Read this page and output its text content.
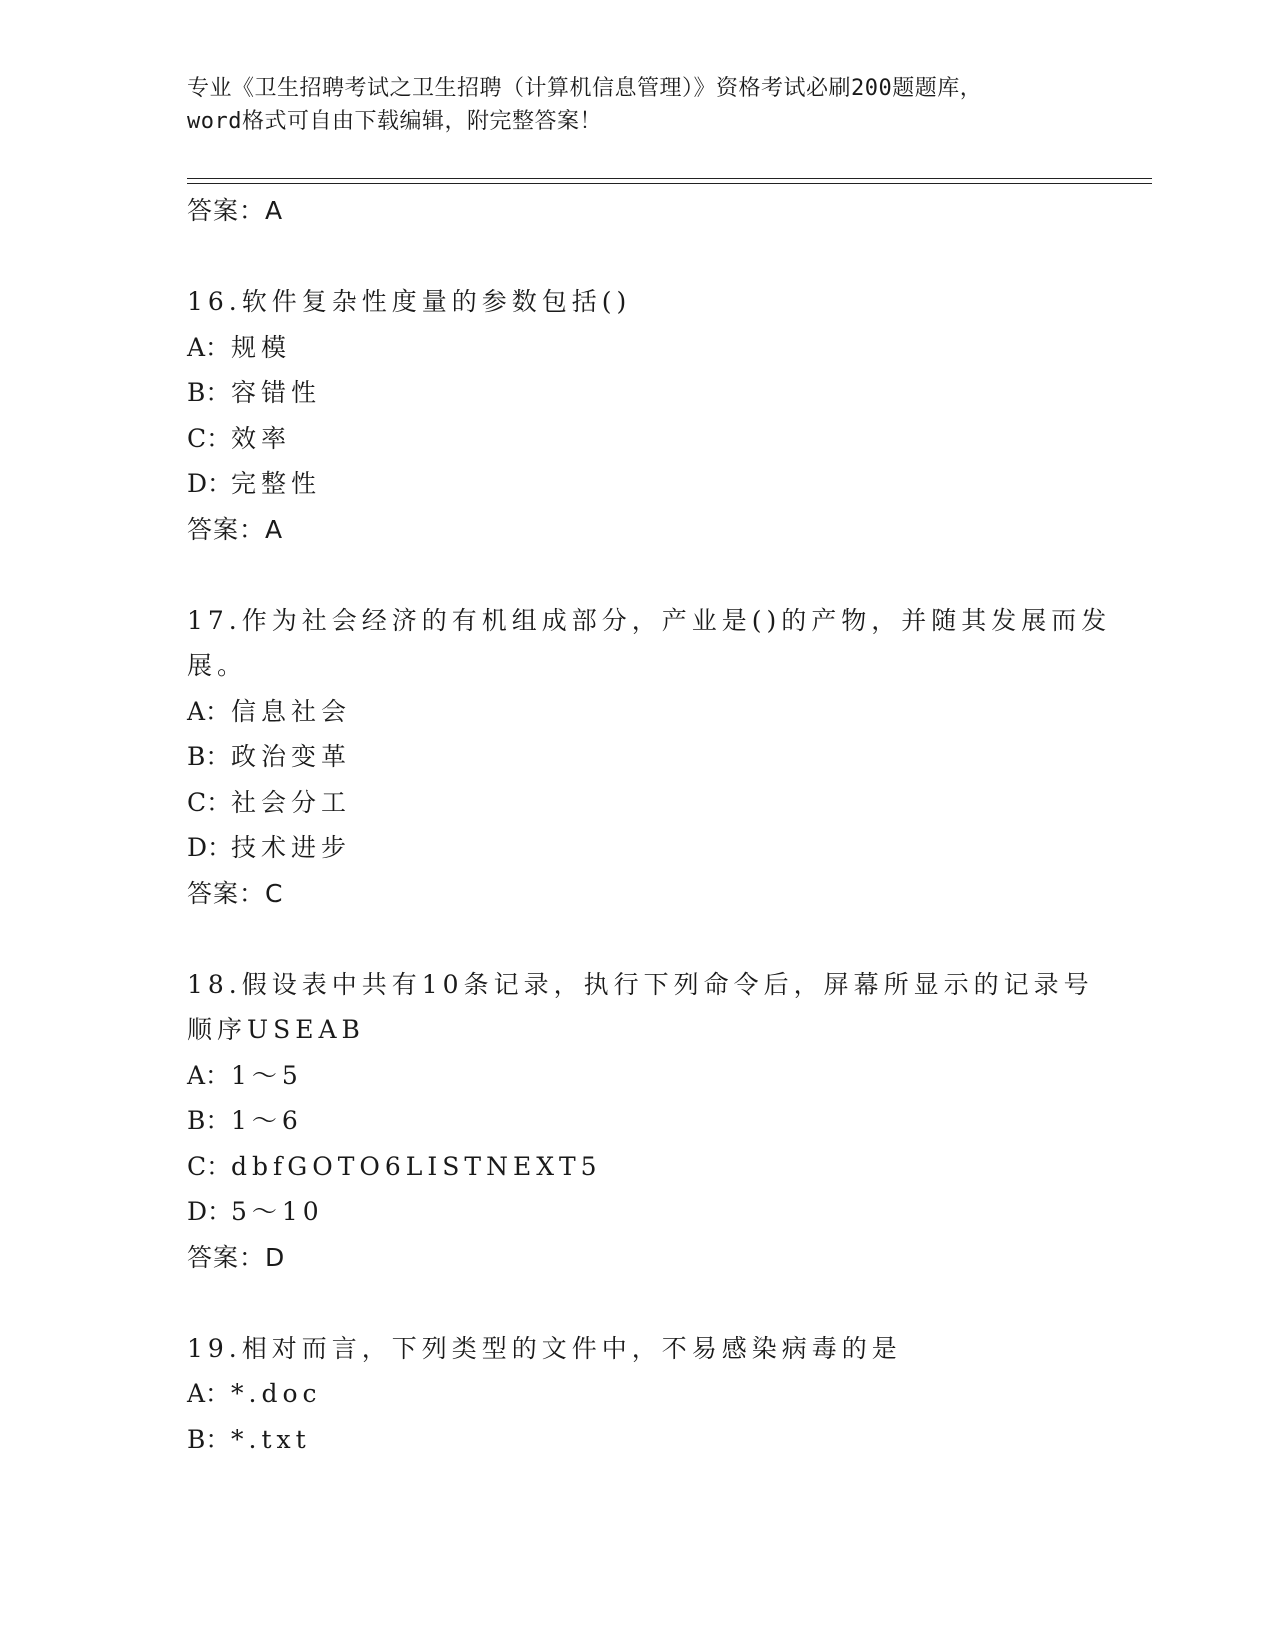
专业《卫生招聘考试之卫生招聘（计算机信息管理）》资格考试必刷200题题库，
word格式可自由下载编辑，附完整答案！
答案：A
16.软件复杂性度量的参数包括()
A：规模
B：容错性
C：效率
D：完整性
答案：A
17.作为社会经济的有机组成部分，产业是()的产物，并随其发展而发
展。
A：信息社会
B：政治变革
C：社会分工
D：技术进步
答案：C
18.假设表中共有10条记录，执行下列命令后，屏幕所显示的记录号
顺序USEAB
A：1～5
B：1～6
C：dbfGOTO6LISTNEXT5
D：5～10
答案：D
19.相对而言，下列类型的文件中，不易感染病毒的是
A：*.doc
B：*.txt
